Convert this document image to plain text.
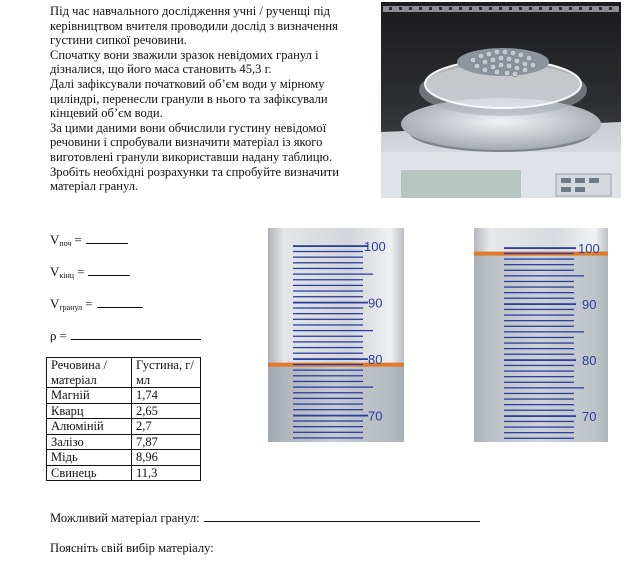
Під час навчального дослідження учні / рученщі під керівництвом вчителя проводили дослід з визначення густини сипкої речовини.

Спочатку вони зважили зразок невідомих гранул і дізналися, що його маса становить 45,3 г.

Далі зафіксували початковий об’єм води у мірному циліндрі, перенесли гранули в нього та зафіксували кінцевий об’єм води.

За цими даними вони обчислили густину невідомої речовини і спробували визначити матеріал із якого виготовлені гранули використавши надану таблицю.

Зробіть необхідні розрахунки та спробуйте визначити матеріал гранул.

V поч =
V кінц =
V гранул =
ρ =
Речовина / матеріал	Густина, г/мл
Магній	1,74
Кварц	2,65
Алюміній	2,7
Залізо	7,87
Мідь	8,96
Свинець	11,3
100
90
80
70
100
90
80
70
Можливий матеріал гранул:
Поясніть свій вибір матеріалу:
